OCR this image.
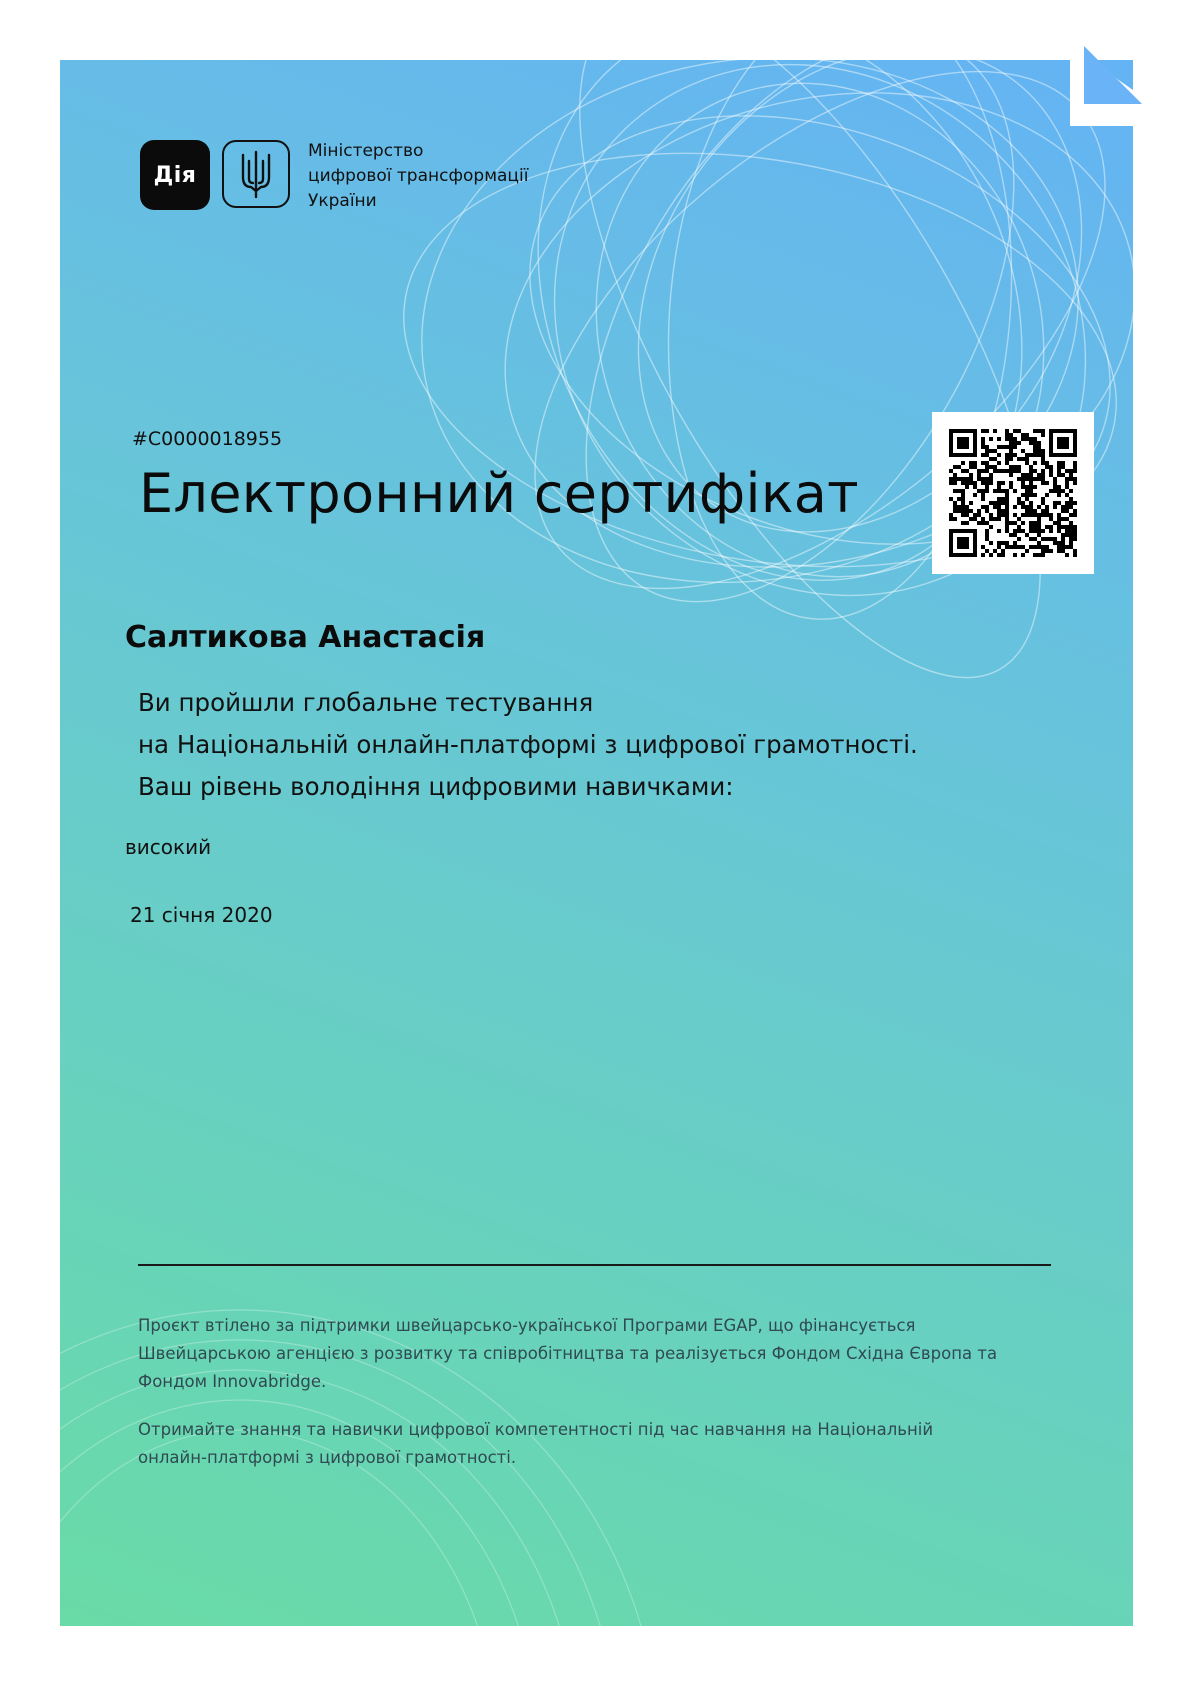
Дія
Міністерство
цифрової трансформації
України
#C0000018955
Електронний сертифікат
Салтикова Анастасія
Ви пройшли глобальне тестування
на Національній онлайн-платформі з цифрової грамотності.
Ваш рівень володіння цифровими навичками:
високий
21 січня 2020
Проєкт втілено за підтримки швейцарсько-української Програми EGAP, що фінансується
Швейцарською агенцією з розвитку та співробітництва та реалізується Фондом Східна Європа та
Фондом Innovabridge.
Отримайте знання та навички цифрової компетентності під час навчання на Національній
онлайн-платформі з цифрової грамотності.
